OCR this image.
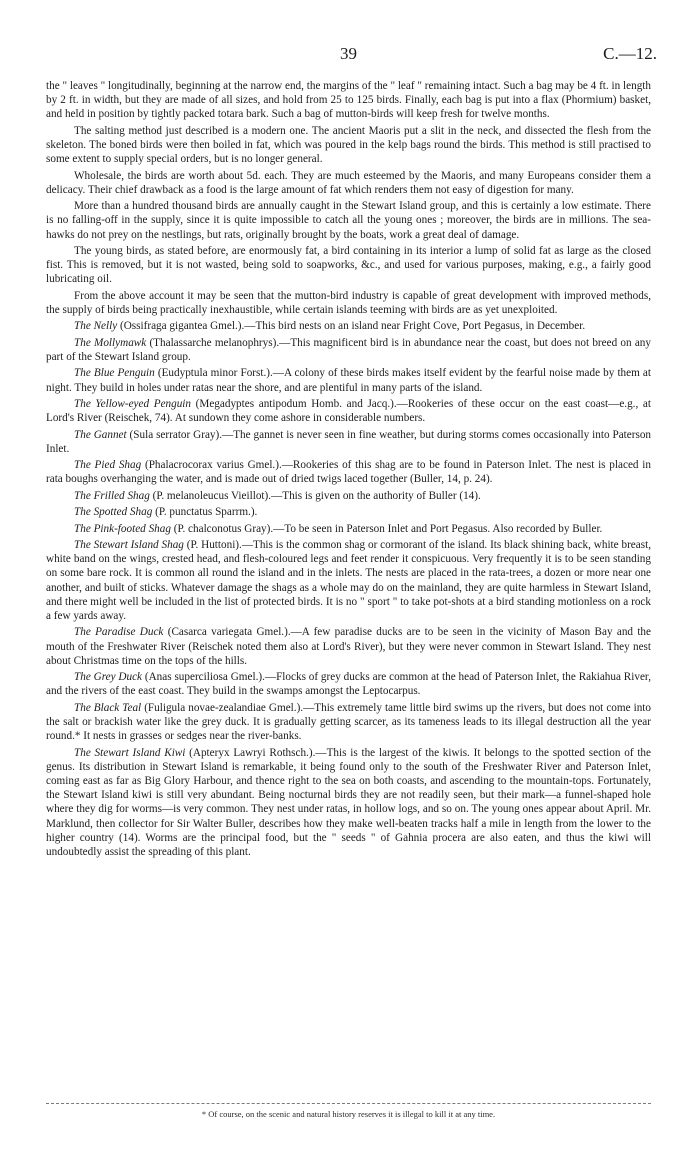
39	C.—12.

the " leaves " longitudinally, beginning at the narrow end, the margins of the " leaf " remaining intact. Such a bag may be 4 ft. in length by 2 ft. in width, but they are made of all sizes, and hold from 25 to 125 birds. Finally, each bag is put into a flax (Phormium) basket, and held in position by tightly packed totara bark. Such a bag of mutton-birds will keep fresh for twelve months.

The salting method just described is a modern one. The ancient Maoris put a slit in the neck, and dissected the flesh from the skeleton. The boned birds were then boiled in fat, which was poured in the kelp bags round the birds. This method is still practised to some extent to supply special orders, but is no longer general.

Wholesale, the birds are worth about 5d. each. They are much esteemed by the Maoris, and many Europeans consider them a delicacy. Their chief drawback as a food is the large amount of fat which renders them not easy of digestion for many.

More than a hundred thousand birds are annually caught in the Stewart Island group, and this is certainly a low estimate. There is no falling-off in the supply, since it is quite impossible to catch all the young ones ; moreover, the birds are in millions. The sea-hawks do not prey on the nestlings, but rats, originally brought by the boats, work a great deal of damage.

The young birds, as stated before, are enormously fat, a bird containing in its interior a lump of solid fat as large as the closed fist. This is removed, but it is not wasted, being sold to soapworks, &c., and used for various purposes, making, e.g., a fairly good lubricating oil.

From the above account it may be seen that the mutton-bird industry is capable of great development with improved methods, the supply of birds being practically inexhaustible, while certain islands teeming with birds are as yet unexploited.

The Nelly (Ossifraga gigantea Gmel.).—This bird nests on an island near Fright Cove, Port Pegasus, in December.

The Mollymawk (Thalassarche melanophrys).—This magnificent bird is in abundance near the coast, but does not breed on any part of the Stewart Island group.

The Blue Penguin (Eudyptula minor Forst.).—A colony of these birds makes itself evident by the fearful noise made by them at night. They build in holes under ratas near the shore, and are plentiful in many parts of the island.

The Yellow-eyed Penguin (Megadyptes antipodum Homb. and Jacq.).—Rookeries of these occur on the east coast—e.g., at Lord's River (Reischek, 74). At sundown they come ashore in considerable numbers.

The Gannet (Sula serrator Gray).—The gannet is never seen in fine weather, but during storms comes occasionally into Paterson Inlet.

The Pied Shag (Phalacrocorax varius Gmel.).—Rookeries of this shag are to be found in Paterson Inlet. The nest is placed in rata boughs overhanging the water, and is made out of dried twigs laced together (Buller, 14, p. 24).

The Frilled Shag (P. melanoleucus Vieillot).—This is given on the authority of Buller (14).

The Spotted Shag (P. punctatus Sparrm.).

The Pink-footed Shag (P. chalconotus Gray).—To be seen in Paterson Inlet and Port Pegasus. Also recorded by Buller.

The Stewart Island Shag (P. Huttoni).—This is the common shag or cormorant of the island. Its black shining back, white breast, white band on the wings, crested head, and flesh-coloured legs and feet render it conspicuous. Very frequently it is to be seen standing on some bare rock. It is common all round the island and in the inlets. The nests are placed in the rata-trees, a dozen or more near one another, and built of sticks. Whatever damage the shags as a whole may do on the mainland, they are quite harmless in Stewart Island, and there might well be included in the list of protected birds. It is no " sport " to take pot-shots at a bird standing motionless on a rock a few yards away.

The Paradise Duck (Casarca variegata Gmel.).—A few paradise ducks are to be seen in the vicinity of Mason Bay and the mouth of the Freshwater River (Reischek noted them also at Lord's River), but they were never common in Stewart Island. They nest about Christmas time on the tops of the hills.

The Grey Duck (Anas superciliosa Gmel.).—Flocks of grey ducks are common at the head of Paterson Inlet, the Rakiahua River, and the rivers of the east coast. They build in the swamps amongst the Leptocarpus.

The Black Teal (Fuligula novae-zealandiae Gmel.).—This extremely tame little bird swims up the rivers, but does not come into the salt or brackish water like the grey duck. It is gradually getting scarcer, as its tameness leads to its illegal destruction all the year round.* It nests in grasses or sedges near the river-banks.

The Stewart Island Kiwi (Apteryx Lawryi Rothsch.).—This is the largest of the kiwis. It belongs to the spotted section of the genus. Its distribution in Stewart Island is remarkable, it being found only to the south of the Freshwater River and Paterson Inlet, coming east as far as Big Glory Harbour, and thence right to the sea on both coasts, and ascending to the mountain-tops. Fortunately, the Stewart Island kiwi is still very abundant. Being nocturnal birds they are not readily seen, but their mark—a funnel-shaped hole where they dig for worms—is very common. They nest under ratas, in hollow logs, and so on. The young ones appear about April. Mr. Marklund, then collector for Sir Walter Buller, describes how they make well-beaten tracks half a mile in length from the lower to the higher country (14). Worms are the principal food, but the " seeds " of Gahnia procera are also eaten, and thus the kiwi will undoubtedly assist the spreading of this plant.

* Of course, on the scenic and natural history reserves it is illegal to kill it at any time.
